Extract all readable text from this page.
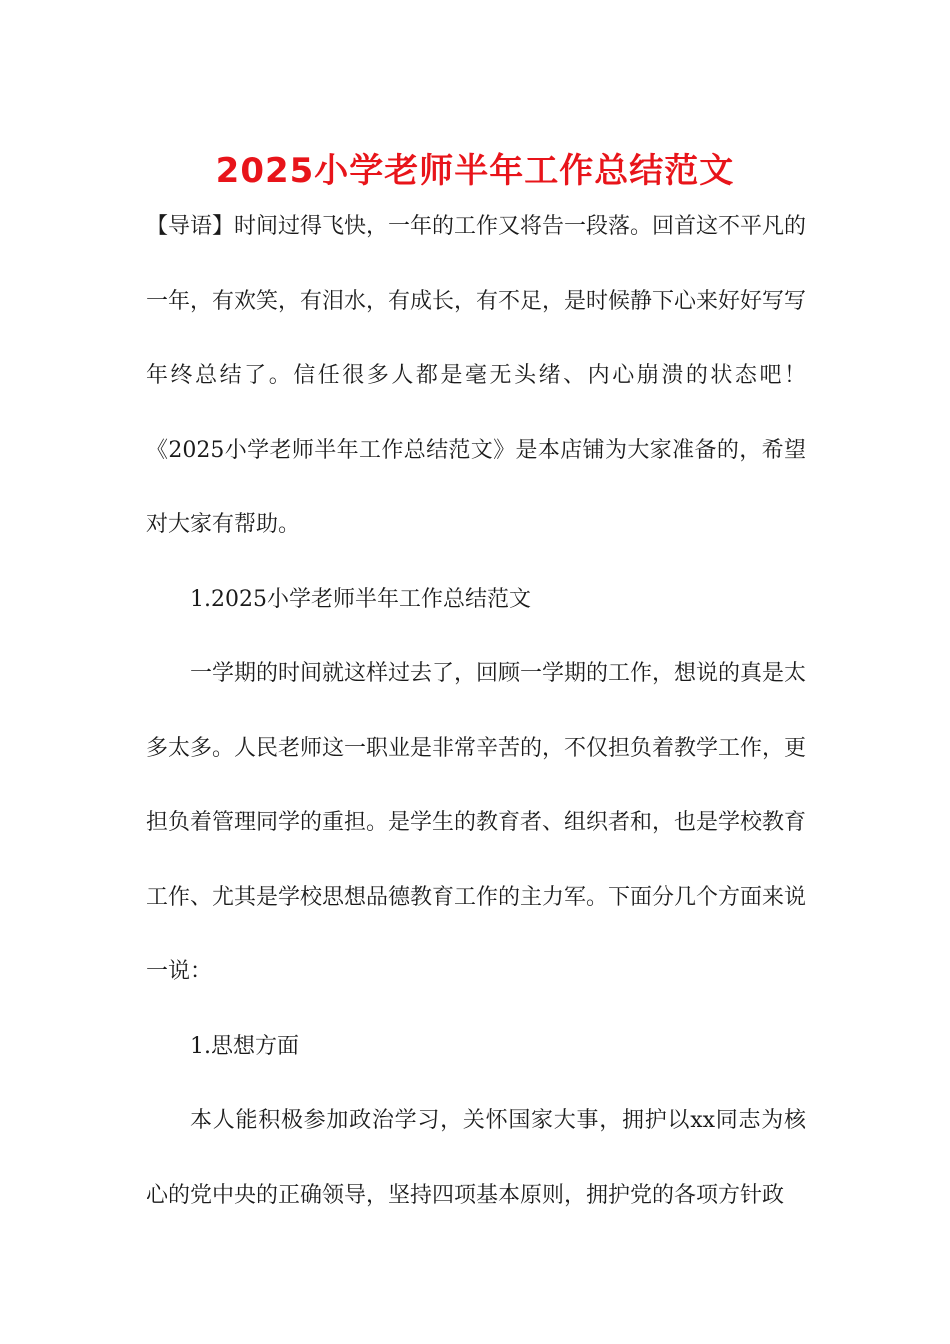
2025小学老师半年工作总结范文

【导语】时间过得飞快，一年的工作又将告一段落。回首这不平凡的一年，有欢笑，有泪水，有成长，有不足，是时候静下心来好好写写年终总结了。信任很多人都是毫无头绪、内心崩溃的状态吧！《2025小学老师半年工作总结范文》是本店铺为大家准备的，希望对大家有帮助。

1.2025小学老师半年工作总结范文

一学期的时间就这样过去了，回顾一学期的工作，想说的真是太多太多。人民老师这一职业是非常辛苦的，不仅担负着教学工作，更担负着管理同学的重担。是学生的教育者、组织者和，也是学校教育工作、尤其是学校思想品德教育工作的主力军。下面分几个方面来说一说：

1.思想方面

本人能积极参加政治学习，关怀国家大事，拥护以xx同志为核心的党中央的正确领导，坚持四项基本原则，拥护党的各项方针政
